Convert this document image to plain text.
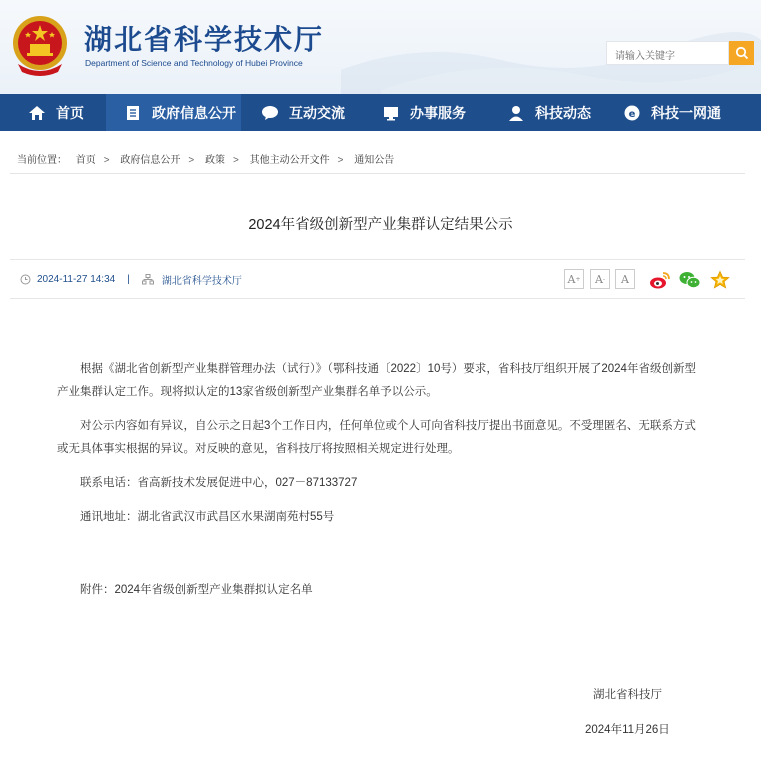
湖北省科学技术厅
Department of Science and Technology of Hubei Province
请输入关键字
首页	政府信息公开	互动交流	办事服务	科技动态	e 科技一网通
当前位置： 首页 > 政府信息公开 > 政策 > 其他主动公开文件 > 通知公告
2024年省级创新型产业集群认定结果公示
2024-11-27 14:34 |	湖北省科学技术厅	A + A - A

根据《湖北省创新型产业集群管理办法（试行）》（鄂科技通〔2022〕10号）要求，省科技厅组织开展了2024年省级创新型产业集群认定工作。现将拟认定的13家省级创新型产业集群名单予以公示。

对公示内容如有异议，自公示之日起3个工作日内，任何单位或个人可向省科技厅提出书面意见。不受理匿名、无联系方式或无具体事实根据的异议。对反映的意见，省科技厅将按照相关规定进行处理。

联系电话：省高新技术发展促进中心，027－87133727

通讯地址：湖北省武汉市武昌区水果湖南苑村55号

附件：2024年省级创新型产业集群拟认定名单
湖北省科技厅
2024年11月26日
